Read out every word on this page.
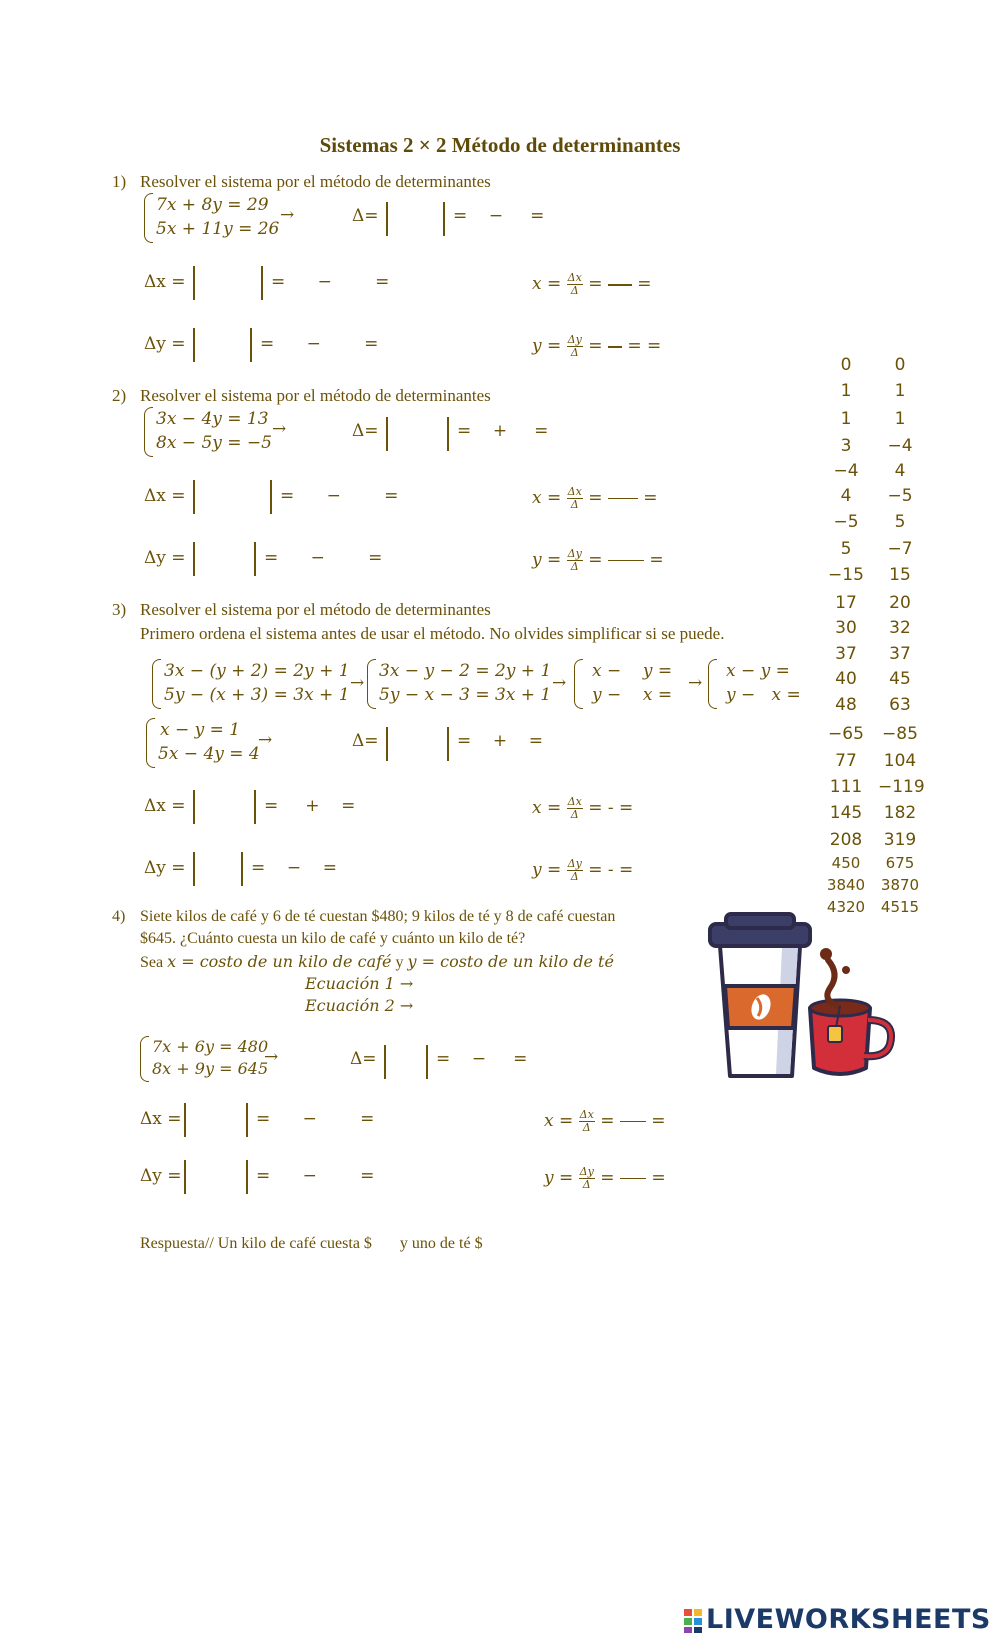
Sistemas 2 × 2 Método de determinantes
1) Resolver el sistema por el método de determinantes
7x + 8y = 29
5x + 11y = 26
→	Δ=	=    −     =
Δx =	=      −        =	$x = \frac{\Delta x}{\Delta}$ = =
Δy =	=      −        =	$y = \frac{\Delta y}{\Delta}$ = = =
2) Resolver el sistema por el método de determinantes
3x − 4y = 13
8x − 5y = −5
→	Δ=	=    +     =
Δx =	=      −        =	$x = \frac{\Delta x}{\Delta}$ = =
Δy =	=      −        =	$y = \frac{\Delta y}{\Delta}$ =	=
3) Resolver el sistema por el método de determinantes
Primero ordena el sistema antes de usar el método. No olvides simplificar si se puede.
3x − (y + 2) = 2y + 1
5y − (x + 3) = 3x + 1
→
3x − y − 2 = 2y + 1
5y − x − 3 = 3x + 1
→
x −    y =
y −    x =
→
x − y =
y −   x =
x − y = 1
5x − 4y = 4
→	Δ=	=    +    =
Δx =	=     +    =	$x = \frac{\Delta x}{\Delta}$ = - =
Δy =	=    −    =	$y = \frac{\Delta y}{\Delta}$ = - =
4) Siete kilos de café y 6 de té cuestan $480; 9 kilos de té y 8 de café cuestan
$645. ¿Cuánto cuesta un kilo de café y cuánto un kilo de té?
Sea x = costo de un kilo de café y y = costo de un kilo de té
Ecuación 1 →
Ecuación 2 →
7x + 6y = 480
8x + 9y = 645
→	Δ=	=    −     =
Δx =	=      −        =	$x = \frac{\Delta x}{\Delta}$ = =
Δy =	=      −        =	$y = \frac{\Delta y}{\Delta}$ = =
Respuesta// Un kilo de café cuesta $       y uno de té $
0	0
1	1
1	1
3	−4
−4	4
4	−5
−5	5
5	−7
−15	15
17	20
30	32
37	37
40	45
48	63
−65 −85
77	104
111 −119
145	182
208	319
450	675
3840 3870
4320 4515
LIVEWORKSHEETS
